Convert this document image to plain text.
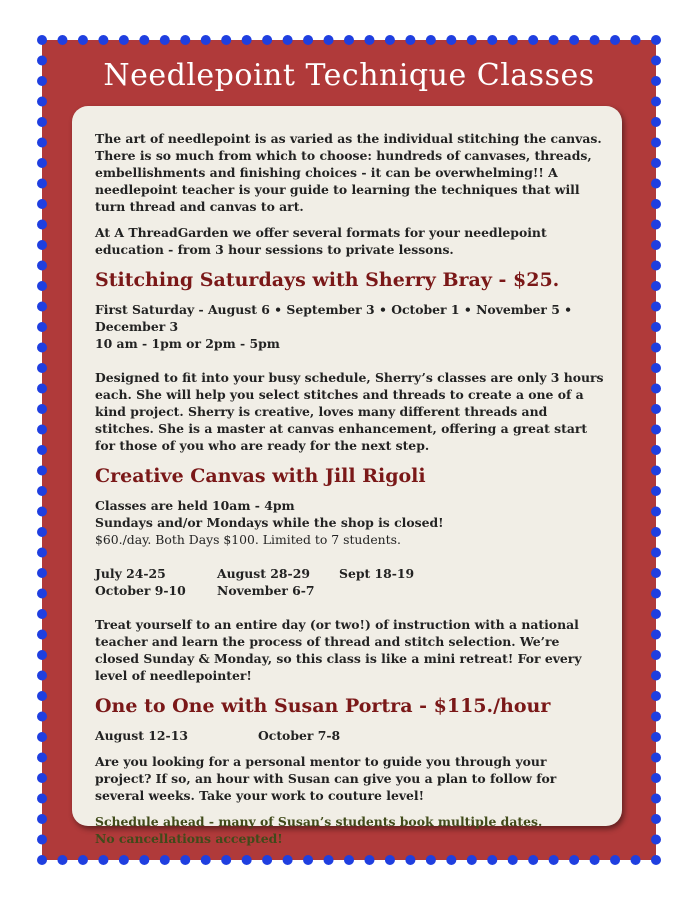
Needlepoint Technique Classes

The art of needlepoint is as varied as the individual stitching the canvas. There is so much from which to choose: hundreds of canvases, threads, embellishments and finishing choices - it can be overwhelming!! A needlepoint teacher is your guide to learning the techniques that will turn thread and canvas to art.

At A ThreadGarden we offer several formats for your needlepoint education - from 3 hour sessions to private lessons.

Stitching Saturdays with Sherry Bray - $25.

First Saturday - August 6 • September 3 • October 1 • November 5 • December 3

10 am - 1pm or 2pm - 5pm

Designed to fit into your busy schedule, Sherry’s classes are only 3 hours each. She will help you select stitches and threads to create a one of a kind project. Sherry is creative, loves many different threads and stitches. She is a master at canvas enhancement, offering a great start for those of you who are ready for the next step.

Creative Canvas with Jill Rigoli

Classes are held 10am - 4pm

Sundays and/or Mondays while the shop is closed!

$60./day. Both Days $100. Limited to 7 students.

July 24-25	August 28-29 Sept 18-19
October 9-10	November 6-7

Treat yourself to an entire day (or two!) of instruction with a national teacher and learn the process of thread and stitch selection. We’re closed Sunday & Monday, so this class is like a mini retreat! For every level of needlepointer!

One to One with Susan Portra - $115./hour

August 12-13	October 7-8

Are you looking for a personal mentor to guide you through your project? If so, an hour with Susan can give you a plan to follow for several weeks. Take your work to couture level!

Schedule ahead - many of Susan’s students book multiple dates.

No cancellations accepted!
